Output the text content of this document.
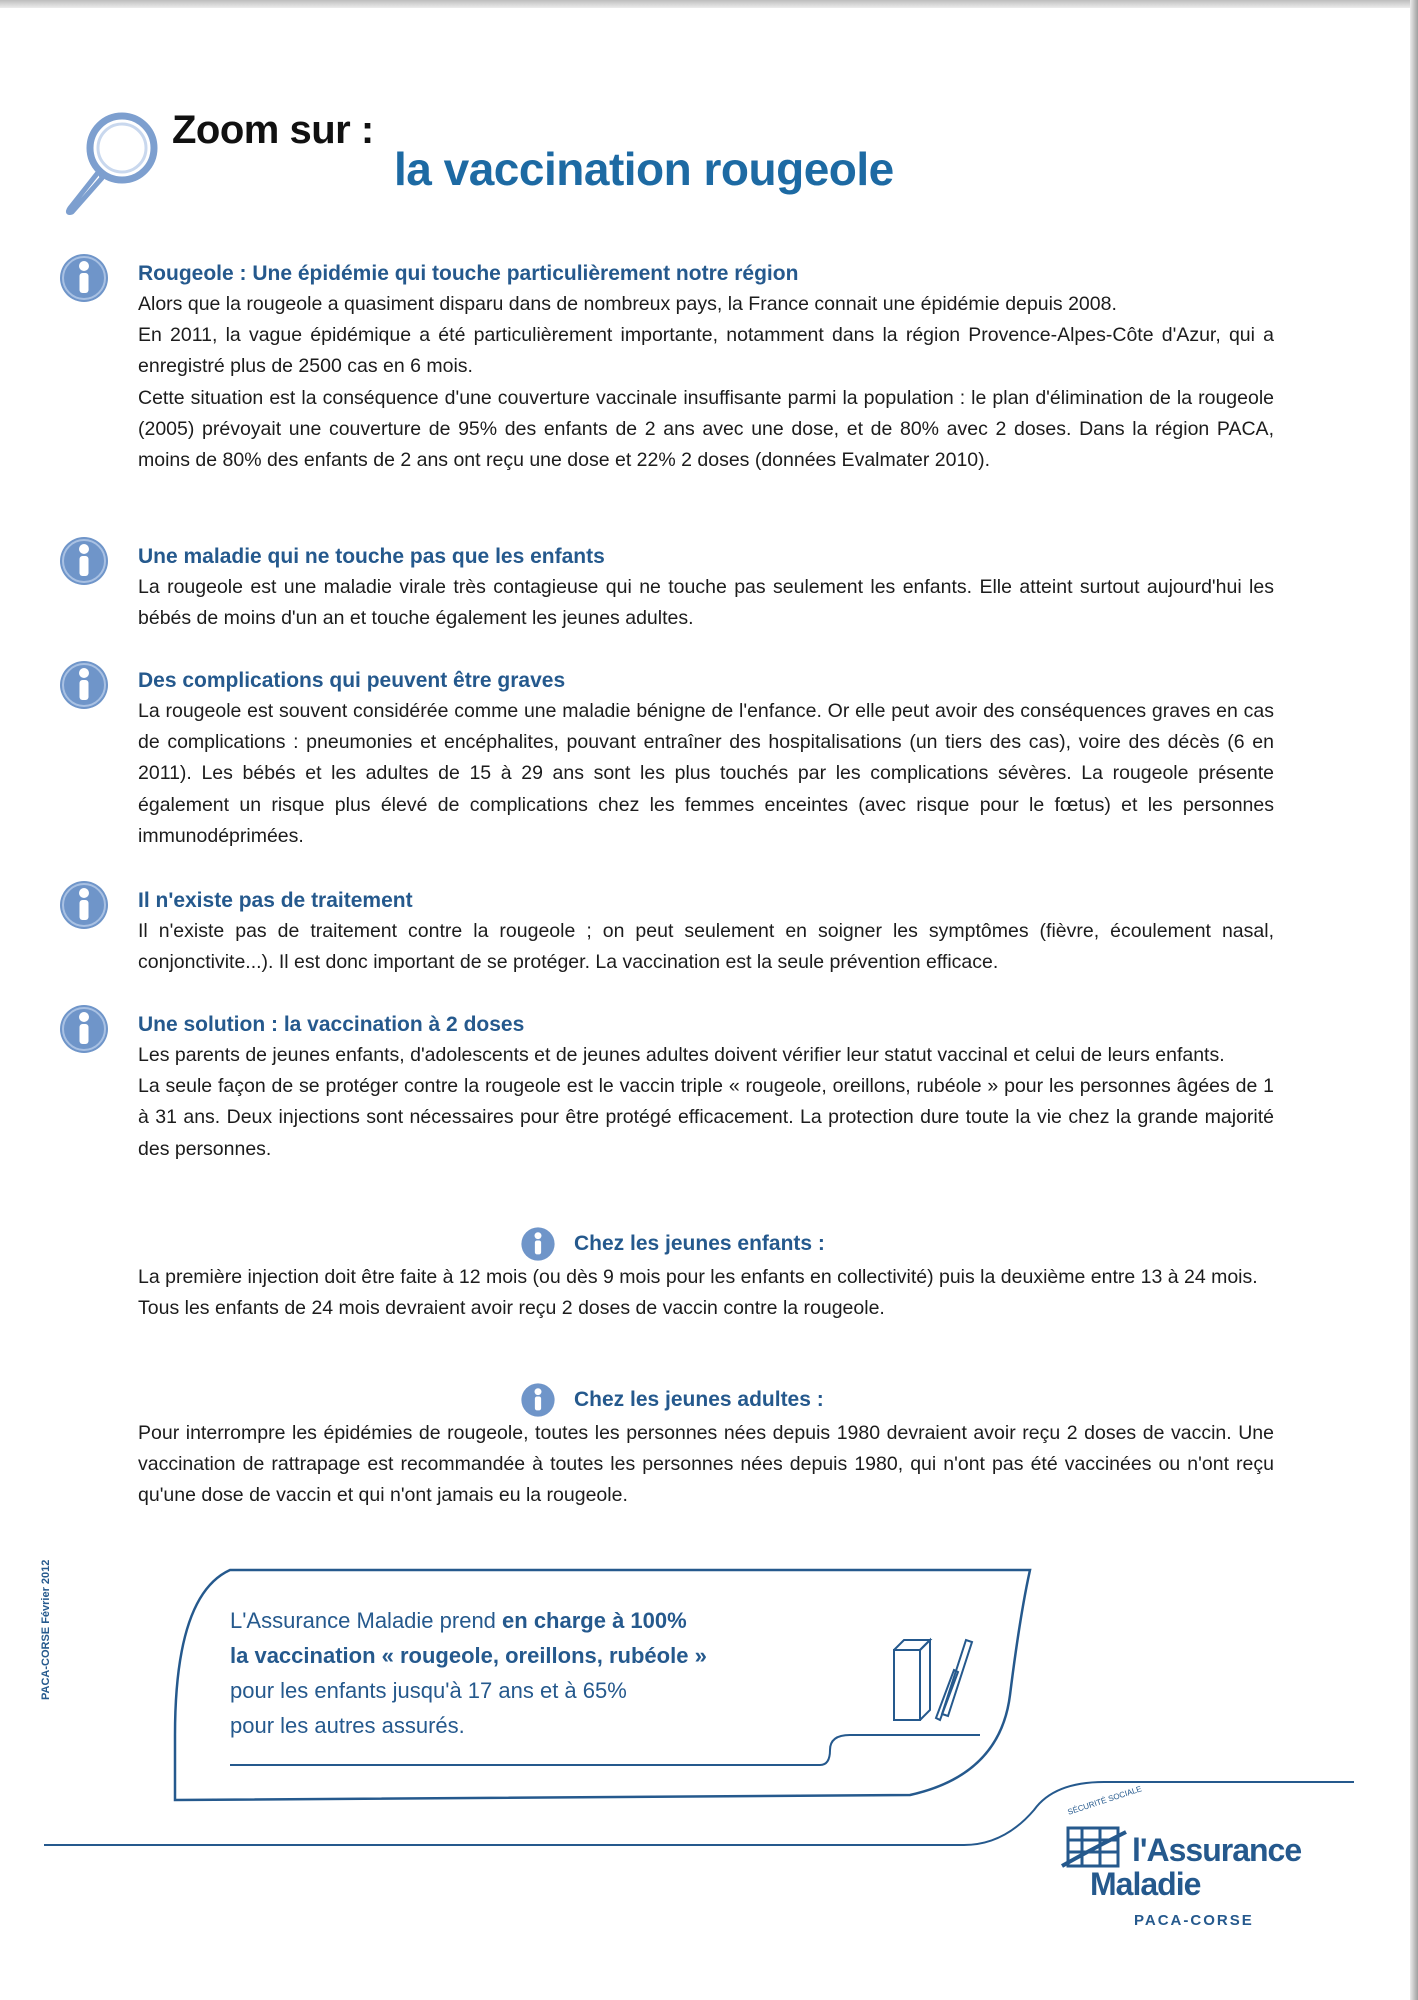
Zoom sur :
la vaccination rougeole

Rougeole : Une épidémie qui touche particulièrement notre région

Alors que la rougeole a quasiment disparu dans de nombreux pays, la France connait une épidémie depuis 2008.

En 2011, la vague épidémique a été particulièrement importante, notamment dans la région Provence-Alpes-Côte d'Azur, qui a enregistré plus de 2500 cas en 6 mois.

Cette situation est la conséquence d'une couverture vaccinale insuffisante parmi la population : le plan d'élimination de la rougeole (2005) prévoyait une couverture de 95% des enfants de 2 ans avec une dose, et de 80% avec 2 doses. Dans la région PACA, moins de 80% des enfants de 2 ans ont reçu une dose et 22% 2 doses (données Evalmater 2010).

Une maladie qui ne touche pas que les enfants

La rougeole est une maladie virale très contagieuse qui ne touche pas seulement les enfants. Elle atteint surtout aujourd'hui les bébés de moins d'un an et touche également les jeunes adultes.

Des complications qui peuvent être graves

La rougeole est souvent considérée comme une maladie bénigne de l'enfance. Or elle peut avoir des conséquences graves en cas de complications : pneumonies et encéphalites, pouvant entraîner des hospitalisations (un tiers des cas), voire des décès (6 en 2011). Les bébés et les adultes de 15 à 29 ans sont les plus touchés par les complications sévères. La rougeole présente également un risque plus élevé de complications chez les femmes enceintes (avec risque pour le fœtus) et les personnes immunodéprimées.

Il n'existe pas de traitement

Il n'existe pas de traitement contre la rougeole ; on peut seulement en soigner les symptômes (fièvre, écoulement nasal, conjonctivite...). Il est donc important de se protéger. La vaccination est la seule prévention efficace.

Une solution : la vaccination à 2 doses

Les parents de jeunes enfants, d'adolescents et de jeunes adultes doivent vérifier leur statut vaccinal et celui de leurs enfants.

La seule façon de se protéger contre la rougeole est le vaccin triple « rougeole, oreillons, rubéole » pour les personnes âgées de 1 à 31 ans. Deux injections sont nécessaires pour être protégé efficacement. La protection dure toute la vie chez la grande majorité des personnes.

Chez les jeunes enfants :

La première injection doit être faite à 12 mois (ou dès 9 mois pour les enfants en collectivité) puis la deuxième entre 13 à 24 mois.

Tous les enfants de 24 mois devraient avoir reçu 2 doses de vaccin contre la rougeole.

Chez les jeunes adultes :

Pour interrompre les épidémies de rougeole, toutes les personnes nées depuis 1980 devraient avoir reçu 2 doses de vaccin. Une vaccination de rattrapage est recommandée à toutes les personnes nées depuis 1980, qui n'ont pas été vaccinées ou n'ont reçu qu'une dose de vaccin et qui n'ont jamais eu la rougeole.

L'Assurance Maladie prend en charge à 100%
la vaccination « rougeole, oreillons, rubéole »
pour les enfants jusqu'à 17 ans et à 65%
pour les autres assurés.
PACA-CORSE Février 2012
SÉCURITÉ SOCIALE
l'Assurance
Maladie
PACA-CORSE
